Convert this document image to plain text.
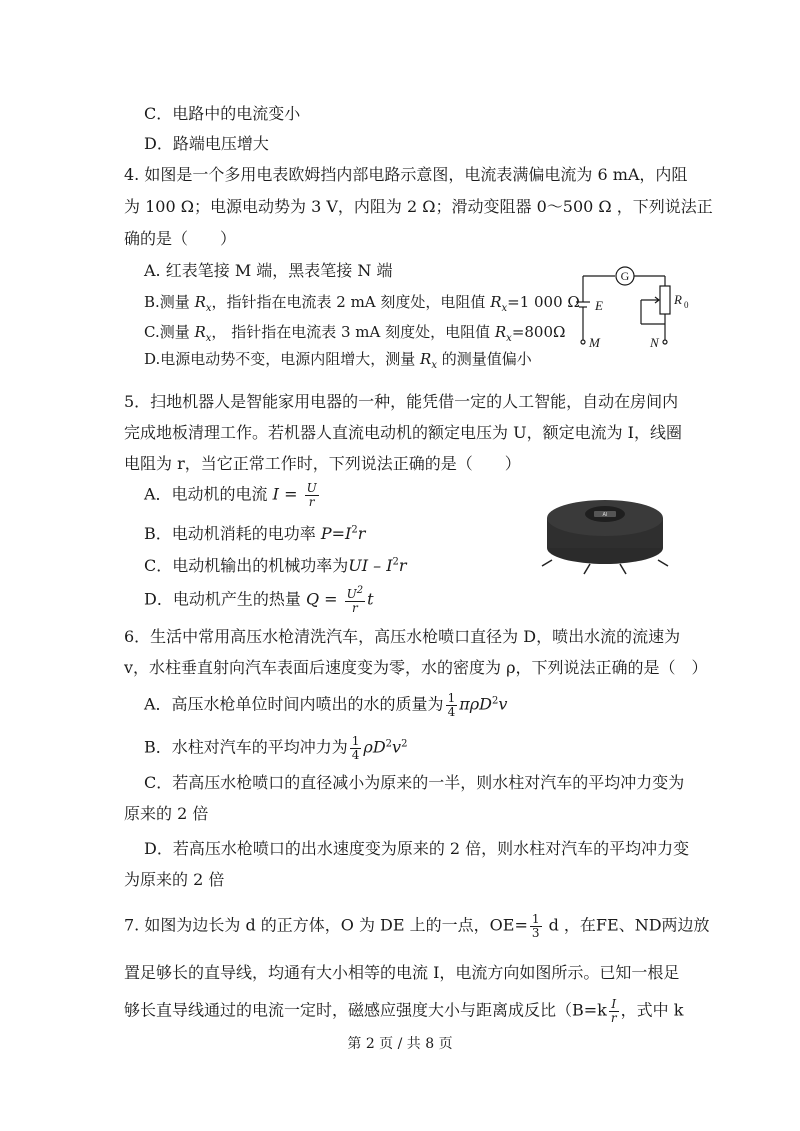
C．电路中的电流变小
D．路端电压增大
4. 如图是一个多用电表欧姆挡内部电路示意图，电流表满偏电流为 6 mA，内阻
为 100 Ω；电源电动势为 3 V，内阻为 2 Ω；滑动变阻器 0～500 Ω ，下列说法正
确的是（　　）
A. 红表笔接 M 端，黑表笔接 N 端
B.测量 $R_x$，指针指在电流表 2 mA 刻度处，电阻值 $R_x=1$ 000 Ω
C.测量 $R_x$， 指针指在电流表 3 mA 刻度处，电阻值 $R_x=800\Omega$
D.电源电动势不变，电源内阻增大，测量 $R_x$ 的测量值偏小
G
E	R 0
M	N
5．扫地机器人是智能家用电器的一种，能凭借一定的人工智能，自动在房间内
完成地板清理工作。若机器人直流电动机的额定电压为 U，额定电流为 I，线圈
电阻为 r，当它正常工作时，下列说法正确的是（　　）
A．电动机的电流 $I = \frac{U}{r}$
B．电动机消耗的电功率 $P=I^2r$
C．电动机输出的机械功率为UI – $I^2r$
D．电动机产生的热量 $Q = \frac{U^2}{r}$ t
AI
6．生活中常用高压水枪清洗汽车，高压水枪喷口直径为 D，喷出水流的流速为
v，水柱垂直射向汽车表面后速度变为零，水的密度为 ρ，下列说法正确的是（　）
A．高压水枪单位时间内喷出的水的质量为 $\frac{1}{4} \pi\rho D^2v$
B．水柱对汽车的平均冲力为 $\frac{1}{4} \rho D^2v^2$
C．若高压水枪喷口的直径减小为原来的一半，则水柱对汽车的平均冲力变为
原来的 2 倍
D．若高压水枪喷口的出水速度变为原来的 2 倍，则水柱对汽车的平均冲力变
为原来的 2 倍
7. 如图为边长为 d 的正方体，O 为 DE 上的一点，$OE= \frac{1}{3}$ d ，在FE、ND两边放
置足够长的直导线，均通有大小相等的电流 I，电流方向如图所示。已知一根足
够长直导线通过的电流一定时，磁感应强度大小与距离成反比（$B=k \frac{I}{r}$ ，式中 k
第 2 页 / 共 8 页
